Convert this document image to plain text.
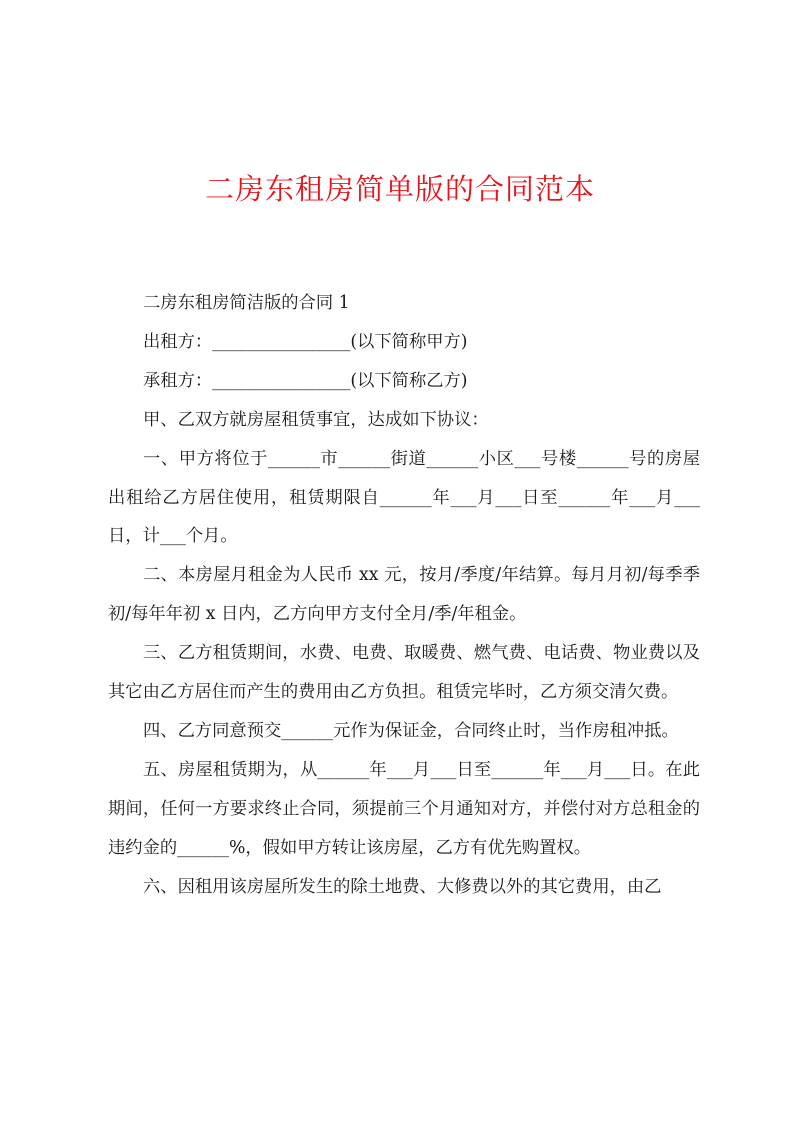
二房东租房简单版的合同范本

二房东租房简洁版的合同 1

出租方：________________(以下简称甲方)

承租方：________________(以下简称乙方)

甲、乙双方就房屋租赁事宜，达成如下协议：

一、甲方将位于______市______街道______小区___号楼______号的房屋出租给乙方居住使用，租赁期限自______年___月___日至______年___月___日，计___个月。

二、本房屋月租金为人民币 xx 元，按月/季度/年结算。每月月初/每季季初/每年年初 x 日内，乙方向甲方支付全月/季/年租金。

三、乙方租赁期间，水费、电费、取暖费、燃气费、电话费、物业费以及其它由乙方居住而产生的费用由乙方负担。租赁完毕时，乙方须交清欠费。

四、乙方同意预交______元作为保证金，合同终止时，当作房租冲抵。

五、房屋租赁期为，从______年___月___日至______年___月___日。在此期间，任何一方要求终止合同，须提前三个月通知对方，并偿付对方总租金的违约金的______%，假如甲方转让该房屋，乙方有优先购置权。

六、因租用该房屋所发生的除土地费、大修费以外的其它费用，由乙
